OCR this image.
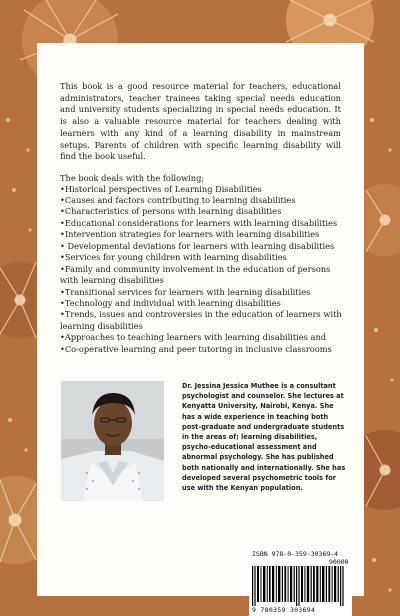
This book is a good resource material for teachers, educational administrators, teacher trainees taking special needs education and university students specializing in special needs education. It is also a valuable resource material for teachers dealing with learners with any kind of a learning disability in mainstream setups. Parents of children with specific learning disability will find the book useful.

The book deals with the following;

•Historical perspectives of Learning Disabilities
•Causes and factors contributing to learning disabilities
•Characteristics of persons with learning disabilities
•Educational considerations for learners with learning disabilities
•Intervention strategies for learners with learning disabilities
• Developmental deviations for learners with learning disabilities
•Services for young children with learning disabilities
•Family and community involvement in the education of persons with learning disabilities
•Transitional services for learners with learning disabilities
•Technology and individual with learning disabilities
•Trends, issues and controversies in the education of learners with learning disabilities
•Approaches to teaching learners with learning disabilities and
•Co-operative learning and peer tutoring in inclusive classrooms

Dr. Jessina Jessica Muthee is a consultant psychologist and counselor. She lectures at Kenyatta University, Nairobi, Kenya. She has a wide experience in teaching both post-graduate and undergraduate students in the areas of; learning disabilities, psycho-educational assessment and abnormal psychology. She has published both nationally and internationally. She has developed several psychometric tools for use with the Kenyan population.

ISBN 978-0-359-30369-4
90000
9 780359 303694
